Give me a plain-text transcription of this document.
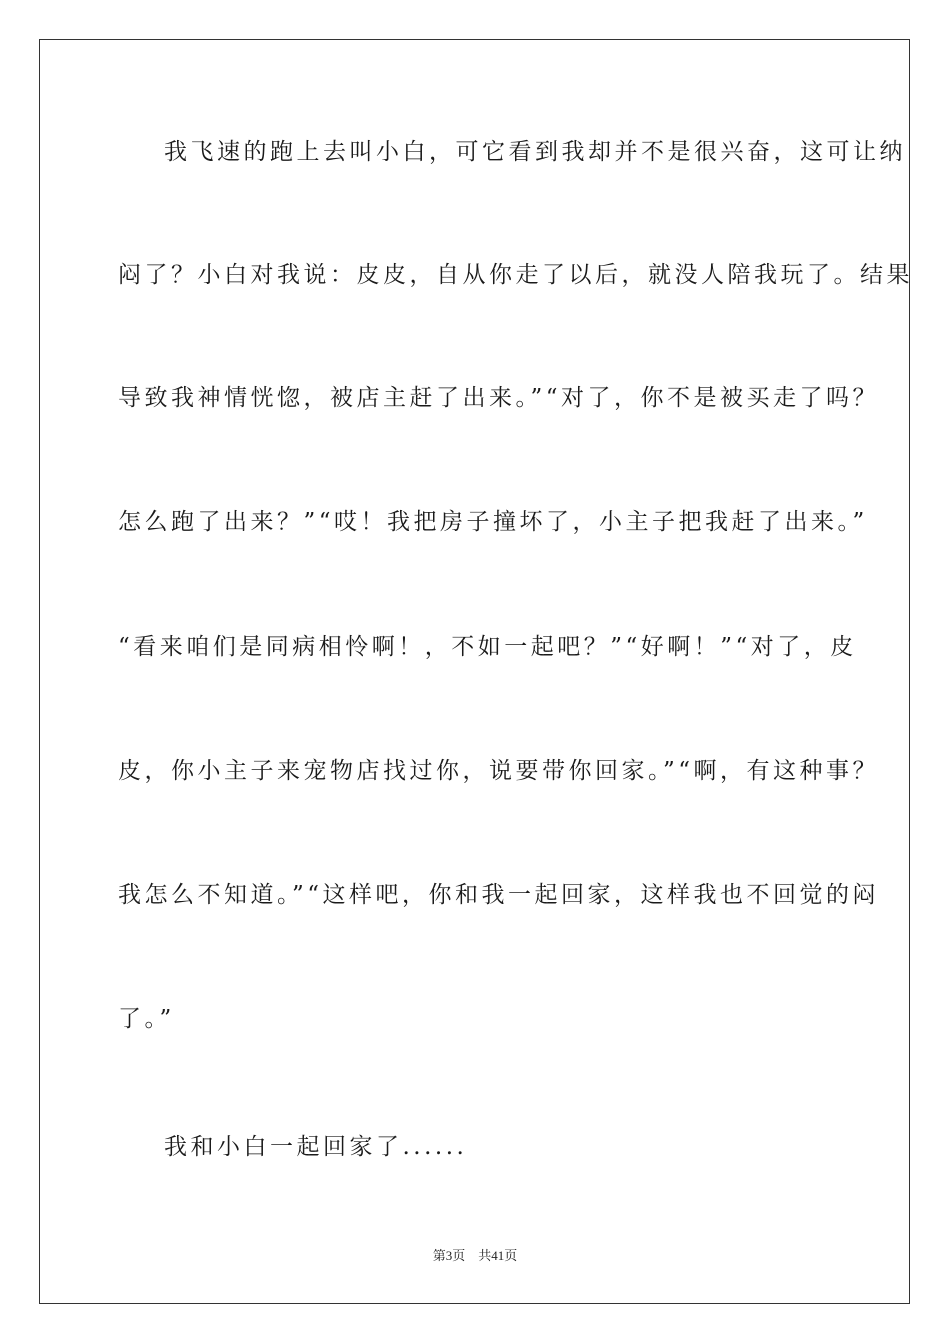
我飞速的跑上去叫小白，可它看到我却并不是很兴奋，这可让纳
闷了？小白对我说：皮皮，自从你走了以后，就没人陪我玩了。结果
导致我神情恍惚，被店主赶了出来。”“对了，你不是被买走了吗？
怎么跑了出来？”“哎！我把房子撞坏了，小主子把我赶了出来。”
“看来咱们是同病相怜啊！，不如一起吧？”“好啊！”“对了，皮
皮，你小主子来宠物店找过你，说要带你回家。”“啊，有这种事？
我怎么不知道。”“这样吧，你和我一起回家，这样我也不回觉的闷
了。”
我和小白一起回家了......
第3页 共41页
